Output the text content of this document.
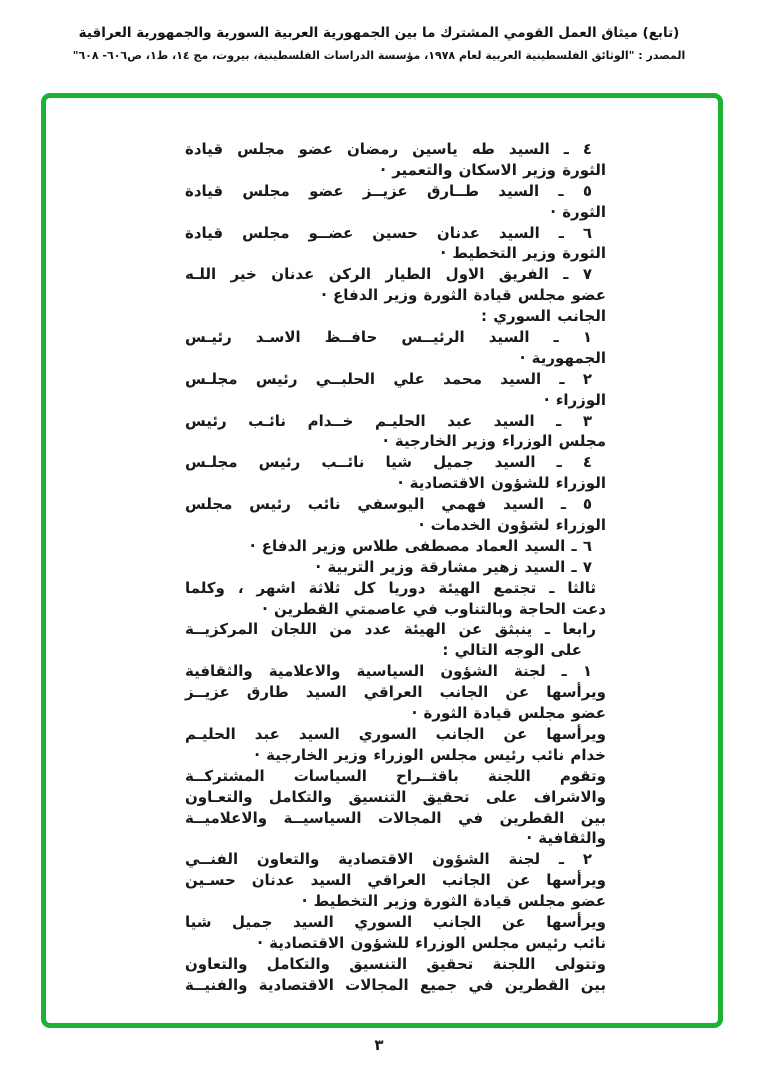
(تابع) ميثاق العمل القومي المشترك ما بين الجمهورية العربية السورية والجمهورية العراقية
المصدر : "الوثائق الفلسطينية العربية لعام ١٩٧٨، مؤسسة الدراسات الفلسطينية، بيروت، مج ١٤، ط١، ص٦٠٦- ٦٠٨"
٤ ـ السيد طه ياسين رمضان عضو مجلس قيادة
الثورة وزير الاسكان والتعمير ·
٥ ـ السيد طــارق عزيــز عضو مجلس قيادة
الثورة ·
٦ ـ السيد عدنان حسين عضــو مجلس قيادة
الثورة وزير التخطيط ·
٧ ـ الفريق الاول الطيار الركن عدنان خير اللـه
عضو مجلس قيادة الثورة وزير الدفاع ·
الجانب السوري :
١ ـ السيد الرئيــس حافــظ الاسـد رئيـس
الجمهورية ·
٢ ـ السيد محمد علي الحلبــي رئيس مجلـس
الوزراء ·
٣ ـ السيد عبد الحليـم خــدام نائـب رئيس
مجلس الوزراء وزير الخارجية ·
٤ ـ السيد جميل شيا نائــب رئيس مجلـس
الوزراء للشؤون الاقتصادية ·
٥ ـ السيد فهمي اليوسفي نائب رئيس مجلس
الوزراء لشؤون الخدمات ·
٦ ـ السيد العماد مصطفى طلاس وزير الدفاع ·
٧ ـ السيد زهير مشارقة وزير التربية ·
ثالثا ـ تجتمع الهيئة دوريا كل ثلاثة اشهر ، وكلما
دعت الحاجة وبالتناوب في عاصمتي القطرين ·
رابعا ـ ينبثق عن الهيئة عدد من اللجان المركزيــة
على الوجه التالي :
١ ـ لجنة الشؤون السياسية والاعلامية والثقافية
ويرأسها عن الجانب العراقي السيد طارق عزيــز
عضو مجلس قيادة الثورة ·
ويرأسها عن الجانب السوري السيد عبد الحليـم
خدام نائب رئيس مجلس الوزراء وزير الخارجية ·
وتقوم اللجنة باقتــراح السياسات المشتركــة
والاشراف على تحقيق التنسيق والتكامل والتعـاون
بين القطرين في المجالات السياسيــة والاعلاميــة
والثقافية ·
٢ ـ لجنة الشؤون الاقتصادية والتعاون الفنــي
ويرأسها عن الجانب العراقي السيد عدنان حسـين
عضو مجلس قيادة الثورة وزير التخطيط ·
ويرأسها عن الجانب السوري السيد جميل شيا
نائب رئيس مجلس الوزراء للشؤون الاقتصادية ·
وتتولى اللجنة تحقيق التنسيق والتكامل والتعاون
بين القطرين في جميع المجالات الاقتصادية والفنيــة
٣
